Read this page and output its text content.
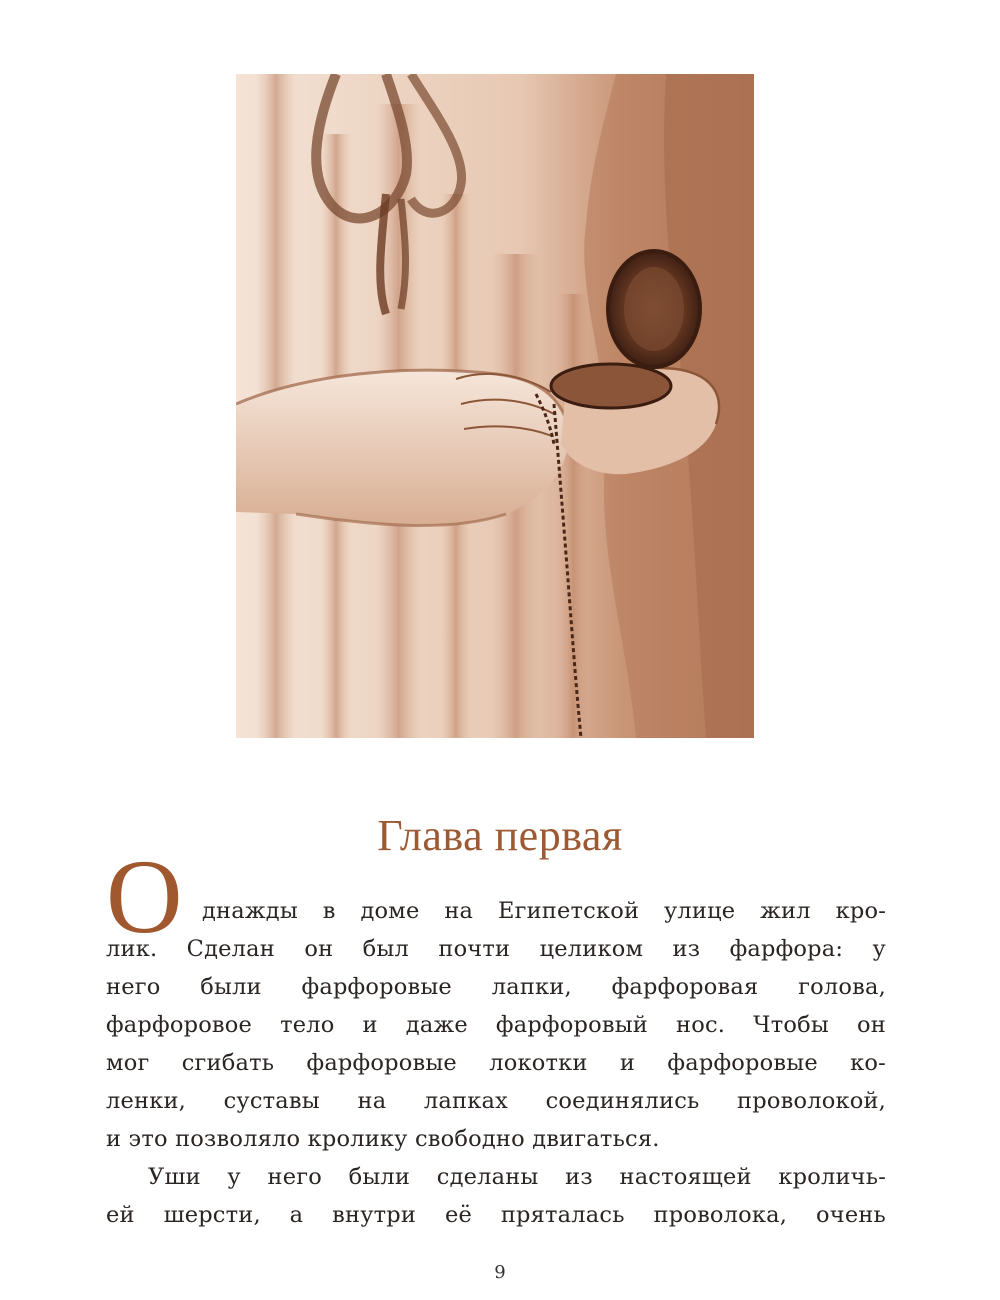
Глава первая
О днажды в доме на Египетской улице жил кро-
лик. Сделан он был почти целиком из фарфора: у
него были фарфоровые лапки, фарфоровая голова,
фарфоровое тело и даже фарфоровый нос. Чтобы он
мог сгибать фарфоровые локотки и фарфоровые ко-
ленки, суставы на лапках соединялись проволокой,
и это позволяло кролику свободно двигаться.
Уши у него были сделаны из настоящей кроличь-
ей шерсти, а внутри её пряталась проволока, очень
9
